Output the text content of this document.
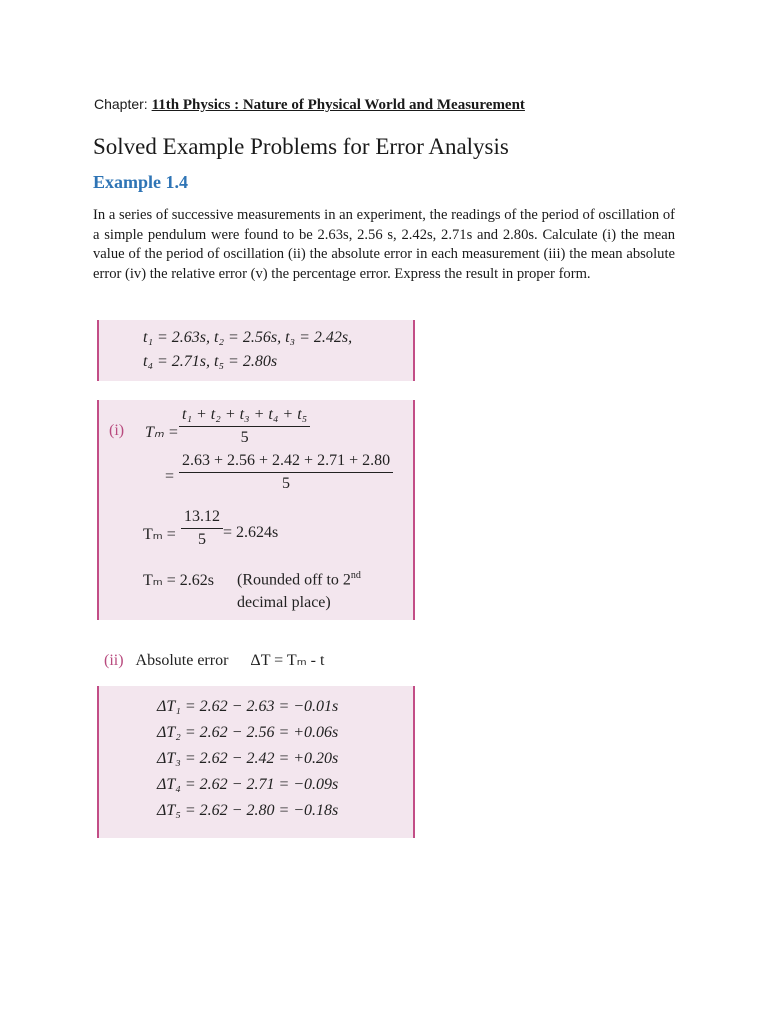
Chapter: 11th Physics : Nature of Physical World and Measurement
Solved Example Problems for Error Analysis
Example 1.4
In a series of successive measurements in an experiment, the readings of the period of oscillation of a simple pendulum were found to be 2.63s, 2.56 s, 2.42s, 2.71s and 2.80s. Calculate (i) the mean value of the period of oscillation (ii) the absolute error in each measurement (iii) the mean absolute error (iv) the relative error (v) the percentage error. Express the result in proper form.
t₁ = 2.63s, t₂ = 2.56s, t₃ = 2.42s,
t₄ = 2.71s, t₅ = 2.80s
(i) $T_m = \frac{\text{t₁ + t₂ + t₃ + t₄ + t₅}}{5}$
= $\frac{2.63 + 2.56 + 2.42 + 2.71 + 2.80}{5}$
$T_m = \frac{13.12}{5} = 2.624s$
Tₘ = 2.62s (Rounded off to 2nd
decimal place)
(ii) Absolute error ΔT = Tₘ - t
ΔT₁ = 2.62 − 2.63 = −0.01s
ΔT₂ = 2.62 − 2.56 = +0.06s
ΔT₃ = 2.62 − 2.42 = +0.20s
ΔT₄ = 2.62 − 2.71 = −0.09s
ΔT₅ = 2.62 − 2.80 = −0.18s
